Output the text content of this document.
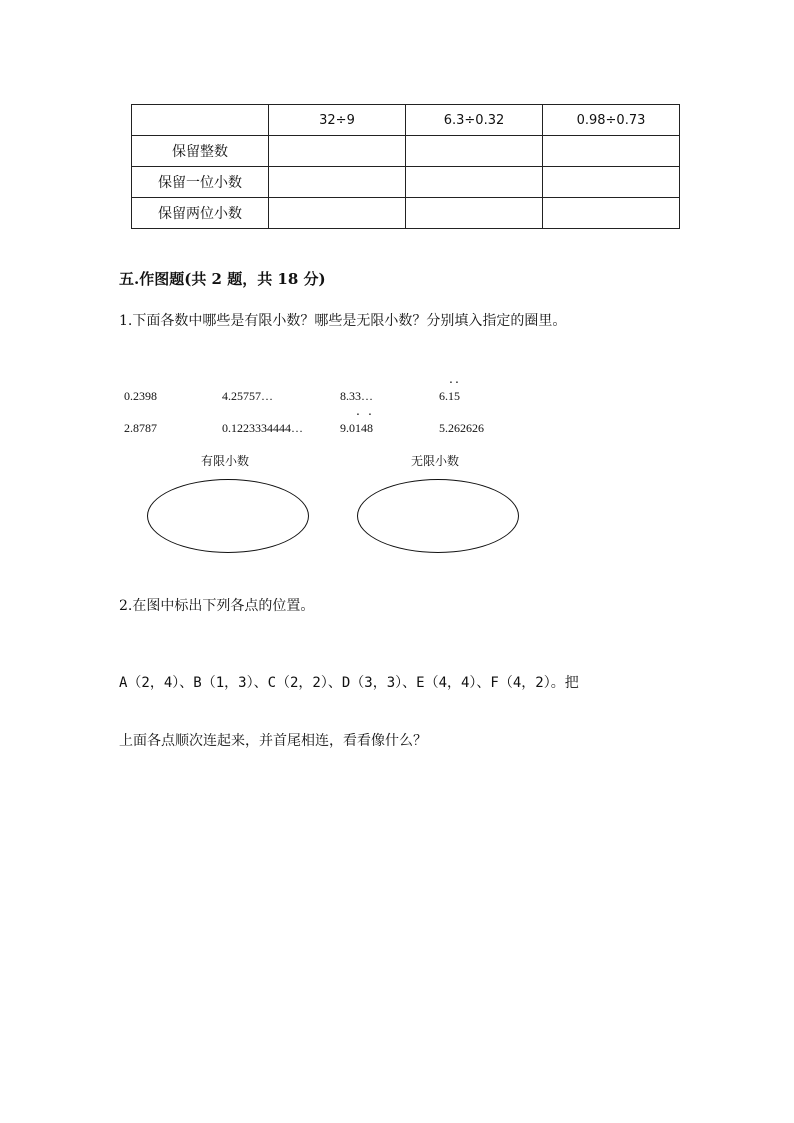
	32÷9	6.3÷0.32	0.98÷0.73
保留整数			
保留一位小数			
保留两位小数			
五.作图题(共 2 题，共 18 分)
1.下面各数中哪些是有限小数？哪些是无限小数？分别填入指定的圈里。
0.2398	4.25757…	8.33…	6.· 1· 5
2.8787	0.1223334444…	9.0· 14· 8	5.262626
有限小数	无限小数
2.在图中标出下列各点的位置。
A（2，4）、B（1，3）、C（2，2）、D（3，3）、E（4，4）、F（4，2）。把
上面各点顺次连起来，并首尾相连，看看像什么？
